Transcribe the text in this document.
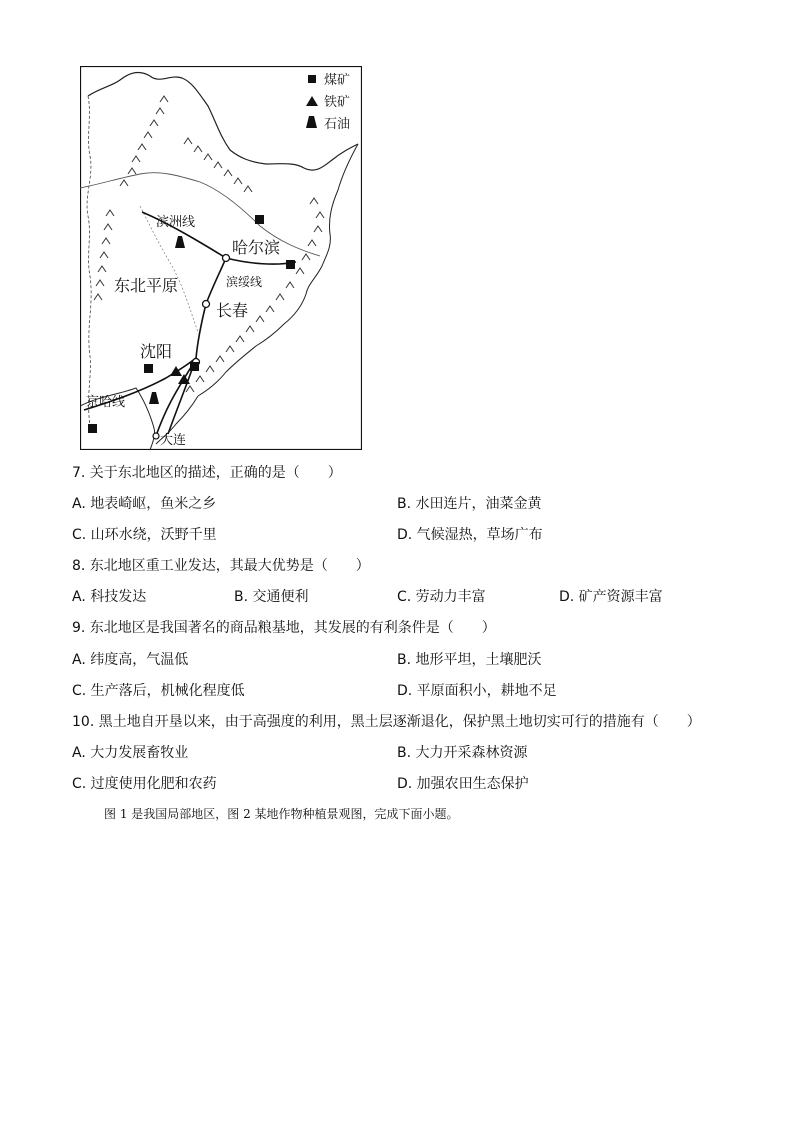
煤矿
铁矿
石油
滨洲线
哈尔滨
滨绥线
东北平原
长春
沈阳
京哈线
大连
7. 关于东北地区的描述，正确的是（　　）
A. 地表崎岖，鱼米之乡	B. 水田连片，油菜金黄
C. 山环水绕，沃野千里	D. 气候湿热，草场广布
8. 东北地区重工业发达，其最大优势是（　　）
A. 科技发达	B. 交通便利	C. 劳动力丰富	D. 矿产资源丰富
9. 东北地区是我国著名的商品粮基地，其发展的有利条件是（　　）
A. 纬度高，气温低	B. 地形平坦，土壤肥沃
C. 生产落后，机械化程度低	D. 平原面积小，耕地不足
10. 黑土地自开垦以来，由于高强度的利用，黑土层逐渐退化，保护黑土地切实可行的措施有（　　）
A. 大力发展畜牧业	B. 大力开采森林资源
C. 过度使用化肥和农药	D. 加强农田生态保护
图 1 是我国局部地区，图 2 某地作物种植景观图，完成下面小题。
